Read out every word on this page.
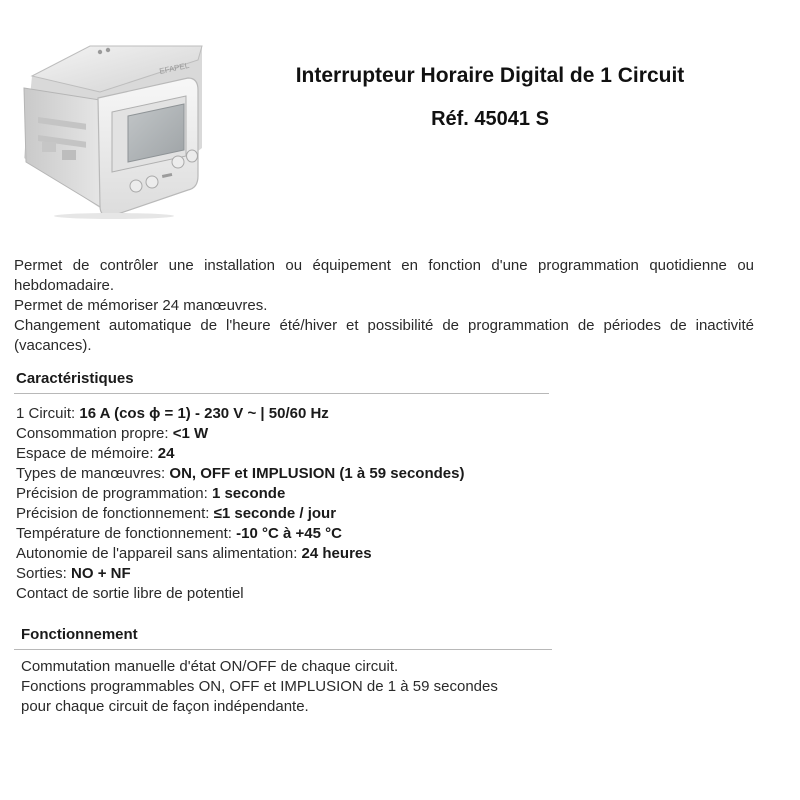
EFAPEL	Interrupteur Horaire Digital de 1 Circuit
Réf. 45041 S

Permet de contrôler une installation ou équipement en fonction d'une programmation quotidienne ou hebdomadaire.

Permet de mémoriser 24 manœuvres.

Changement automatique de l'heure été/hiver et possibilité de programmation de périodes de inactivité (vacances).

Caractéristiques
1 Circuit: 16 A (cos ϕ = 1) - 230 V ~ | 50/60 Hz
Consommation propre: <1 W
Espace de mémoire: 24
Types de manœuvres: ON, OFF et IMPLUSION (1 à 59 secondes)
Précision de programmation: 1 seconde
Précision de fonctionnement: ≤1 seconde / jour
Température de fonctionnement: -10 °C à +45 °C
Autonomie de l'appareil sans alimentation: 24 heures
Sorties: NO + NF
Contact de sortie libre de potentiel
Fonctionnement

Commutation manuelle d'état ON/OFF de chaque circuit.

Fonctions programmables ON, OFF et IMPLUSION de 1 à 59 secondes

pour chaque circuit de façon indépendante.
